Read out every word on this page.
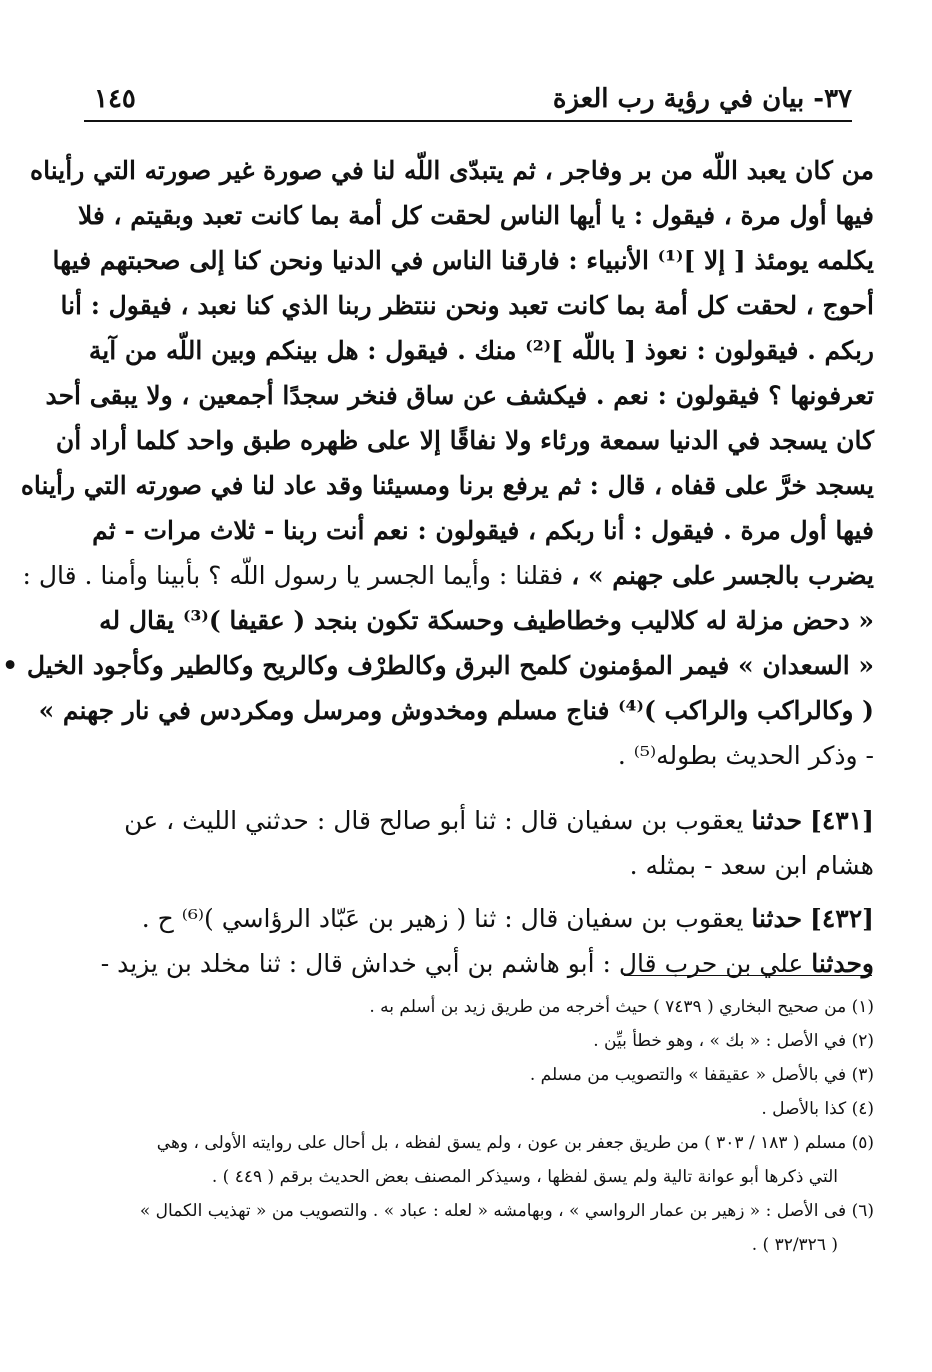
٣٧- بيان في رؤية رب العزة
١٤٥
من كان يعبد اللّه من بر وفاجر ، ثم يتبدّى اللّه لنا في صورة غير صورته التي رأيناه
فيها أول مرة ، فيقول : يا أيها الناس لحقت كل أمة بما كانت تعبد وبقيتم ، فلا
يكلمه يومئذ [ إلا ]⁽¹⁾ الأنبياء : فارقنا الناس في الدنيا ونحن كنا إلى صحبتهم فيها
أحوج ، لحقت كل أمة بما كانت تعبد ونحن ننتظر ربنا الذي كنا نعبد ، فيقول : أنا
ربكم . فيقولون : نعوذ [ باللّه ]⁽²⁾ منك . فيقول : هل بينكم وبين اللّه من آية
تعرفونها ؟ فيقولون : نعم . فيكشف عن ساق فنخر سجدًا أجمعين ، ولا يبقى أحد
كان يسجد في الدنيا سمعة ورئاء ولا نفاقًا إلا على ظهره طبق واحد كلما أراد أن
يسجد خرَّ على قفاه ، قال : ثم يرفع برنا ومسيئنا وقد عاد لنا في صورته التي رأيناه
فيها أول مرة . فيقول : أنا ربكم ، فيقولون : نعم أنت ربنا - ثلاث مرات - ثم
يضرب بالجسر على جهنم » ، فقلنا : وأيما الجسر يا رسول اللّه ؟ بأبينا وأمنا . قال :
« دحض مزلة له كلاليب وخطاطيف وحسكة تكون بنجد ( عقيفا )⁽³⁾ يقال له
« السعدان » فيمر المؤمنون كلمح البرق وكالطرْف وكالريح وكالطير وكأجود الخيل •
( وكالراكب والراكب )⁽⁴⁾ فناج مسلم ومخدوش ومرسل ومكردس في نار جهنم »
- وذكر الحديث بطوله⁽⁵⁾ .
[٤٣١] حدثنا يعقوب بن سفيان قال : ثنا أبو صالح قال : حدثني الليث ، عن
هشام ابن سعد - بمثله .
[٤٣٢] حدثنا يعقوب بن سفيان قال : ثنا ( زهير بن عَبّاد الرؤاسي )⁽⁶⁾ ح .
وحدثنا علي بن حرب قال : أبو هاشم بن أبي خداش قال : ثنا مخلد بن يزيد -
(١) من صحيح البخاري ( ٧٤٣٩ ) حيث أخرجه من طريق زيد بن أسلم به .
(٢) في الأصل : « بك » ، وهو خطأ بيِّن .
(٣) في بالأصل « عقيقفا » والتصويب من مسلم .
(٤) كذا بالأصل .
(٥) مسلم ( ١٨٣ / ٣٠٣ ) من طريق جعفر بن عون ، ولم يسق لفظه ، بل أحال على روايته الأولى ، وهي
التي ذكرها أبو عوانة تالية ولم يسق لفظها ، وسيذكر المصنف بعض الحديث برقم ( ٤٤٩ ) .
(٦) فى الأصل : « زهير بن عمار الرواسي » ، وبهامشه « لعله : عباد » . والتصويب من « تهذيب الكمال »
( ٣٢/٣٢٦ ) .
